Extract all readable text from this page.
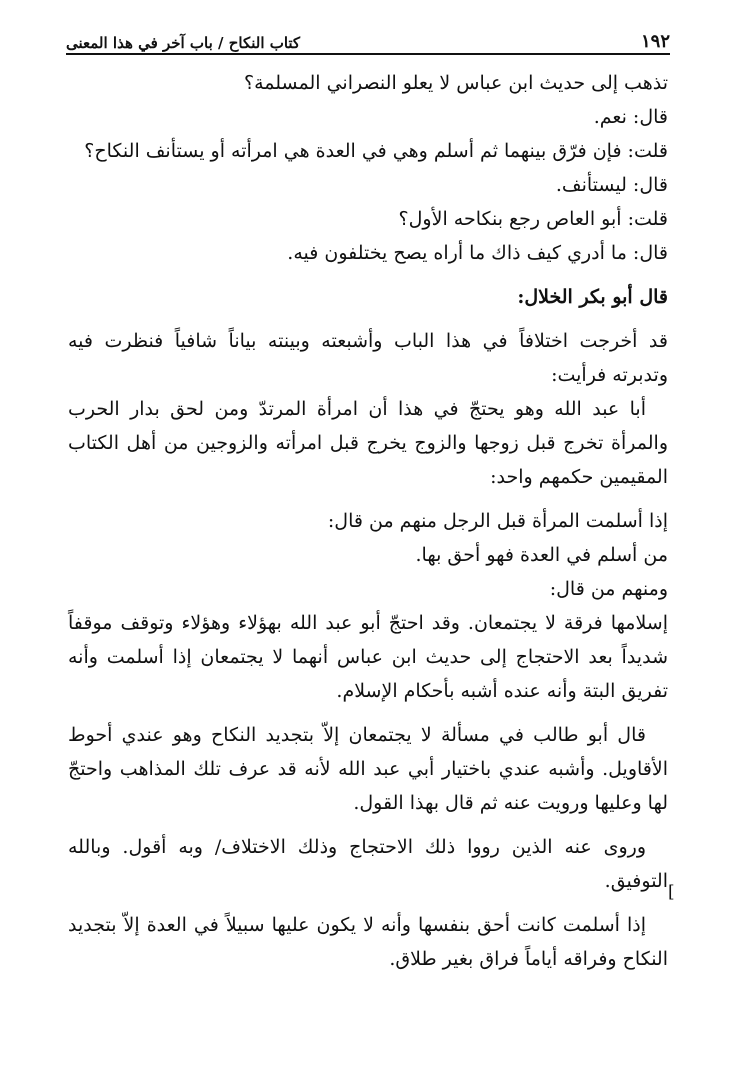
١٩٢
كتاب النكاح / باب آخر في هذا المعنى

تذهب إلى حديث ابن عباس لا يعلو النصراني المسلمة؟

قال: نعم.

قلت: فإن فرّق بينهما ثم أسلم وهي في العدة هي امرأته أو يستأنف النكاح؟

قال: ليستأنف.

قلت: أبو العاص رجع بنكاحه الأول؟

قال: ما أدري كيف ذاك ما أراه يصح يختلفون فيه.

قال أبو بكر الخلال:

قد أخرجت اختلافاً في هذا الباب وأشبعته وبينته بياناً شافياً فنظرت فيه وتدبرته فرأيت:

أبا عبد الله وهو يحتجّ في هذا أن امرأة المرتدّ ومن لحق بدار الحرب والمرأة تخرج قبل زوجها والزوج يخرج قبل امرأته والزوجين من أهل الكتاب المقيمين حكمهم واحد:

إذا أسلمت المرأة قبل الرجل منهم من قال:

من أسلم في العدة فهو أحق بها.

ومنهم من قال:

إسلامها فرقة لا يجتمعان. وقد احتجّ أبو عبد الله بهؤلاء وهؤلاء وتوقف موقفاً شديداً بعد الاحتجاج إلى حديث ابن عباس أنهما لا يجتمعان إذا أسلمت وأنه تفريق البتة وأنه عنده أشبه بأحكام الإسلام.

قال أبو طالب في مسألة لا يجتمعان إلاّ بتجديد النكاح وهو عندي أحوط الأقاويل. وأشبه عندي باختيار أبي عبد الله لأنه قد عرف تلك المذاهب واحتجّ لها وعليها ورويت عنه ثم قال بهذا القول.

وروى عنه الذين رووا ذلك الاحتجاج وذلك الاختلاف/ وبه أقول. وبالله التوفيق.

إذا أسلمت كانت أحق بنفسها وأنه لا يكون عليها سبيلاً في العدة إلاّ بتجديد النكاح وفراقه أياماً فراق بغير طلاق.

[
